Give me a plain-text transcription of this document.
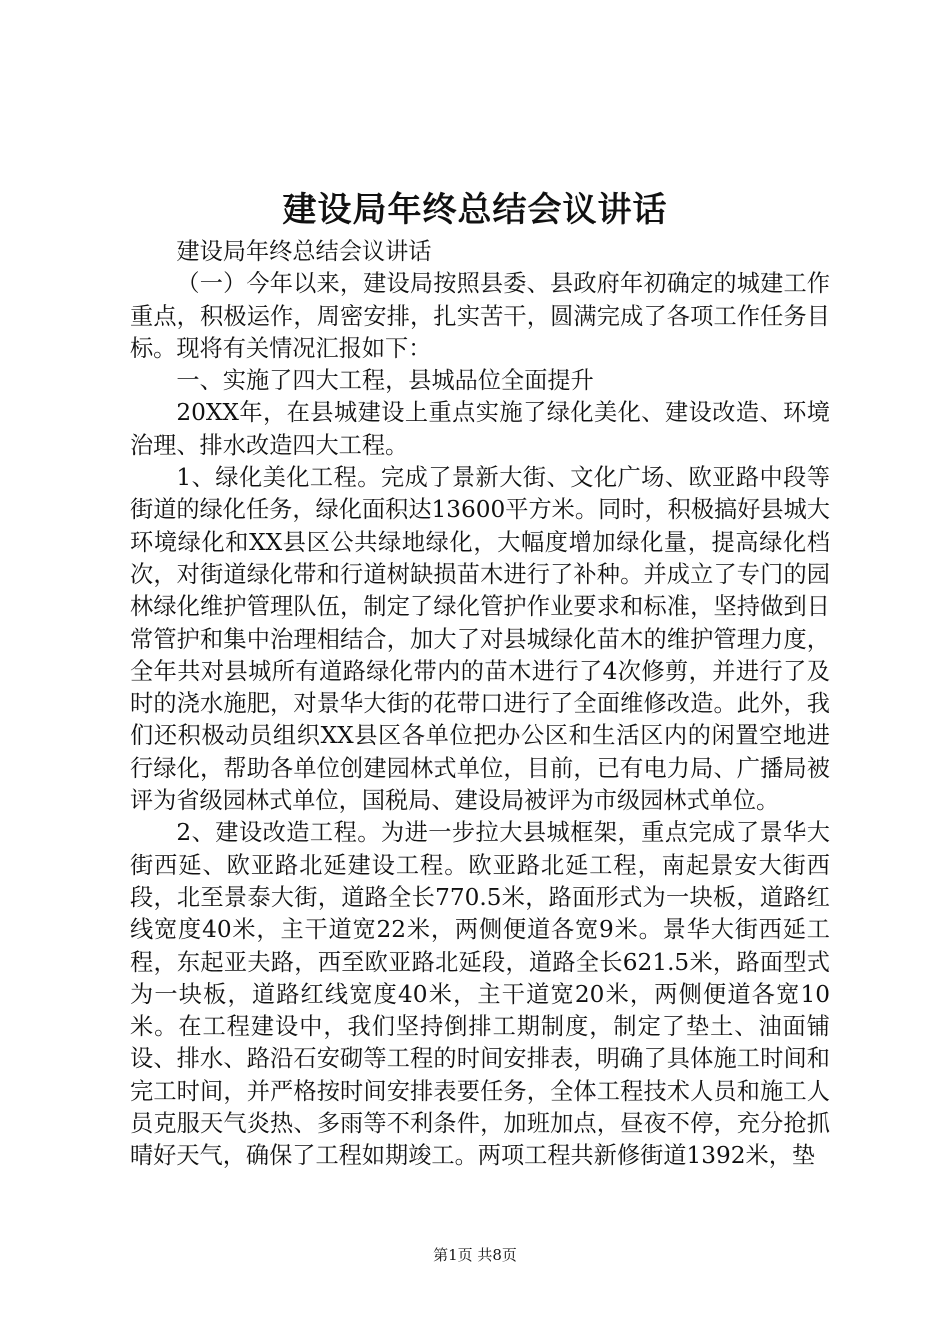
建设局年终总结会议讲话

建设局年终总结会议讲话

（一）今年以来，建设局按照县委、县政府年初确定的城建工作重点，积极运作，周密安排，扎实苦干，圆满完成了各项工作任务目标。现将有关情况汇报如下：

一、实施了四大工程，县城品位全面提升

20XX年，在县城建设上重点实施了绿化美化、建设改造、环境治理、排水改造四大工程。

1、绿化美化工程。完成了景新大街、文化广场、欧亚路中段等街道的绿化任务，绿化面积达13600平方米。同时，积极搞好县城大环境绿化和XX县区公共绿地绿化，大幅度增加绿化量，提高绿化档次，对街道绿化带和行道树缺损苗木进行了补种。并成立了专门的园林绿化维护管理队伍，制定了绿化管护作业要求和标准，坚持做到日常管护和集中治理相结合，加大了对县城绿化苗木的维护管理力度，全年共对县城所有道路绿化带内的苗木进行了4次修剪，并进行了及时的浇水施肥，对景华大街的花带口进行了全面维修改造。此外，我们还积极动员组织XX县区各单位把办公区和生活区内的闲置空地进行绿化，帮助各单位创建园林式单位，目前，已有电力局、广播局被评为省级园林式单位，国税局、建设局被评为市级园林式单位。

2、建设改造工程。为进一步拉大县城框架，重点完成了景华大街西延、欧亚路北延建设工程。欧亚路北延工程，南起景安大街西段，北至景泰大街，道路全长770.5米，路面形式为一块板，道路红线宽度40米，主干道宽22米，两侧便道各宽9米。景华大街西延工程，东起亚夫路，西至欧亚路北延段，道路全长621.5米，路面型式为一块板，道路红线宽度40米，主干道宽20米，两侧便道各宽10米。在工程建设中，我们坚持倒排工期制度，制定了垫土、油面铺设、排水、路沿石安砌等工程的时间安排表，明确了具体施工时间和完工时间，并严格按时间安排表要任务，全体工程技术人员和施工人员克服天气炎热、多雨等不利条件，加班加点，昼夜不停，充分抢抓晴好天气，确保了工程如期竣工。两项工程共新修街道1392米，垫

第1页 共8页
